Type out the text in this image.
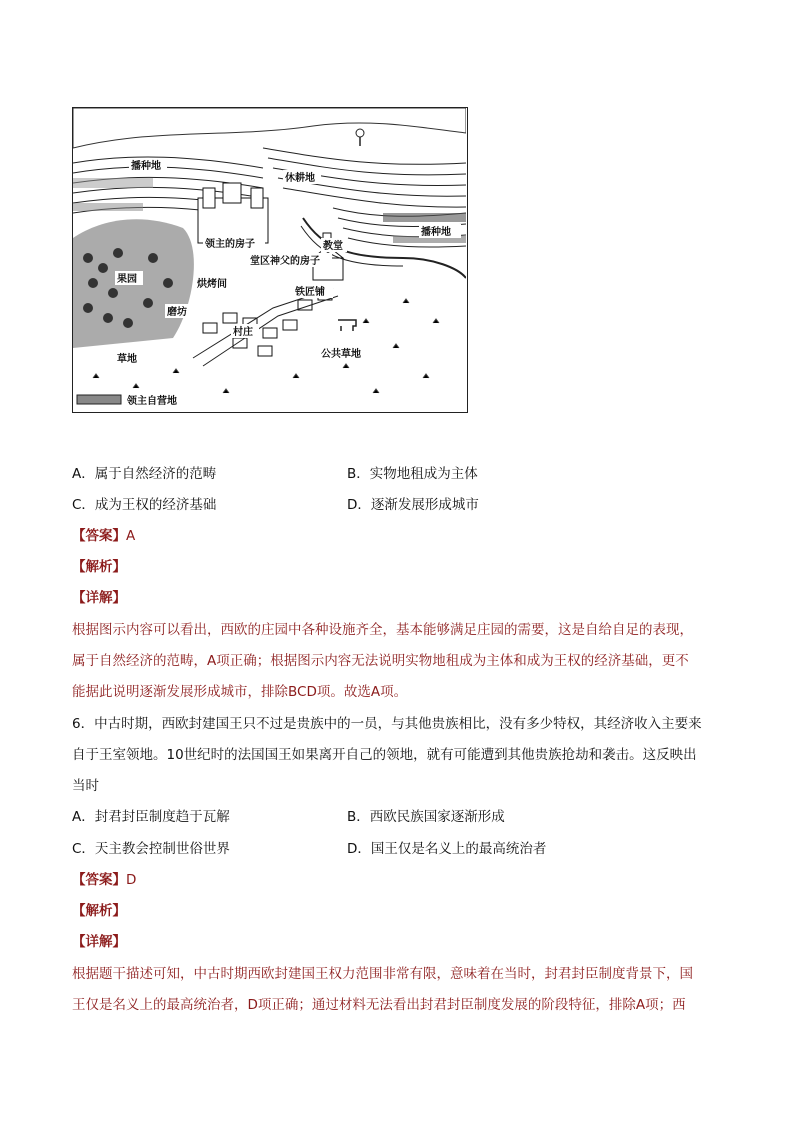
播种地
休耕地
播种地
领主的房子	教堂
堂区神父的房子
果园	烘烤间
铁匠铺
磨坊
村庄
草地	公共草地
领主自营地
A．属于自然经济的范畴	B．实物地租成为主体
C．成为王权的经济基础	D．逐渐发展形成城市
【答案】A
【解析】
【详解】
根据图示内容可以看出，西欧的庄园中各种设施齐全，基本能够满足庄园的需要，这是自给自足的表现，
属于自然经济的范畴，A项正确；根据图示内容无法说明实物地租成为主体和成为王权的经济基础，更不
能据此说明逐渐发展形成城市，排除BCD项。故选A项。
6．中古时期，西欧封建国王只不过是贵族中的一员，与其他贵族相比，没有多少特权，其经济收入主要来
自于王室领地。10世纪时的法国国王如果离开自己的领地，就有可能遭到其他贵族抢劫和袭击。这反映出
当时
A．封君封臣制度趋于瓦解	B．西欧民族国家逐渐形成
C．天主教会控制世俗世界	D．国王仅是名义上的最高统治者
【答案】D
【解析】
【详解】
根据题干描述可知，中古时期西欧封建国王权力范围非常有限，意味着在当时，封君封臣制度背景下，国
王仅是名义上的最高统治者，D项正确；通过材料无法看出封君封臣制度发展的阶段特征，排除A项；西
